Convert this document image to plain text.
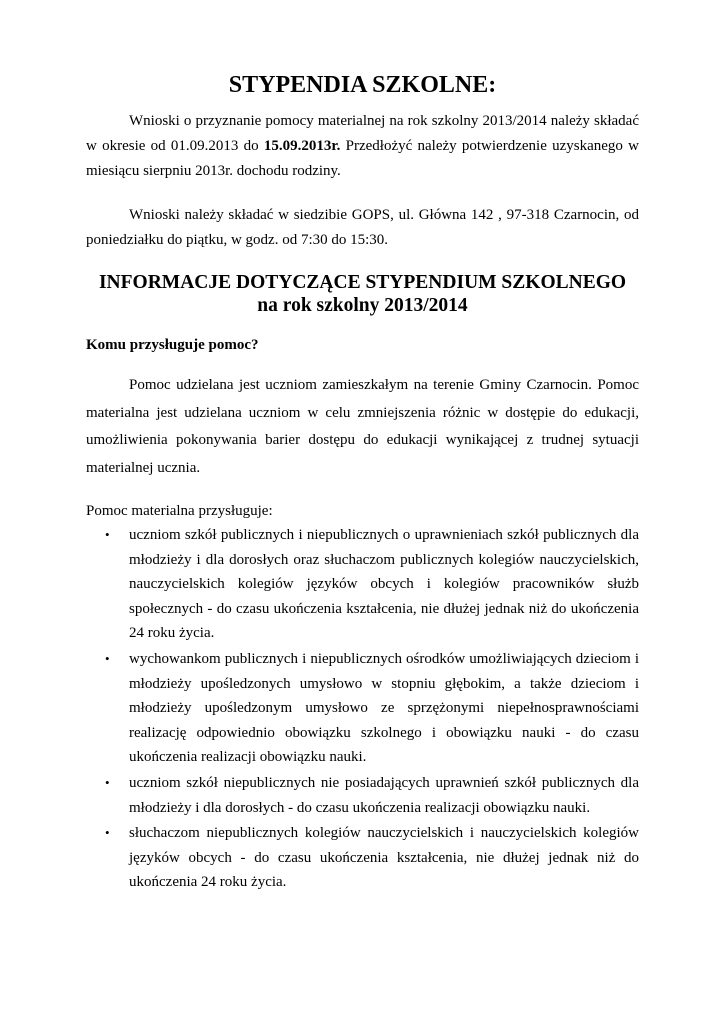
STYPENDIA SZKOLNE:

Wnioski o przyznanie pomocy materialnej na rok szkolny 2013/2014 należy składać w okresie od 01.09.2013 do 15.09.2013r. Przedłożyć należy potwierdzenie uzyskanego w miesiącu sierpniu 2013r. dochodu rodziny.

Wnioski należy składać w siedzibie GOPS, ul. Główna 142 , 97-318 Czarnocin, od poniedziałku do piątku, w godz. od 7:30 do 15:30.

INFORMACJE DOTYCZĄCE STYPENDIUM SZKOLNEGO
na rok szkolny 2013/2014

Komu przysługuje pomoc?

Pomoc udzielana jest uczniom zamieszkałym na terenie Gminy Czarnocin. Pomoc materialna jest udzielana uczniom w celu zmniejszenia różnic w dostępie do edukacji, umożliwienia pokonywania barier dostępu do edukacji wynikającej z trudnej sytuacji materialnej ucznia.

Pomoc materialna przysługuje:

• uczniom szkół publicznych i niepublicznych o uprawnieniach szkół publicznych dla młodzieży i dla dorosłych oraz słuchaczom publicznych kolegiów nauczycielskich, nauczycielskich kolegiów języków obcych i kolegiów pracowników służb społecznych - do czasu ukończenia kształcenia, nie dłużej jednak niż do ukończenia 24 roku życia.
• wychowankom publicznych i niepublicznych ośrodków umożliwiających dzieciom i młodzieży upośledzonych umysłowo w stopniu głębokim, a także dzieciom i młodzieży upośledzonym umysłowo ze sprzężonymi niepełnosprawnościami realizację odpowiednio obowiązku szkolnego i obowiązku nauki - do czasu ukończenia realizacji obowiązku nauki.
• uczniom szkół niepublicznych nie posiadających uprawnień szkół publicznych dla młodzieży i dla dorosłych - do czasu ukończenia realizacji obowiązku nauki.
• słuchaczom niepublicznych kolegiów nauczycielskich i nauczycielskich kolegiów języków obcych - do czasu ukończenia kształcenia, nie dłużej jednak niż do ukończenia 24 roku życia.
